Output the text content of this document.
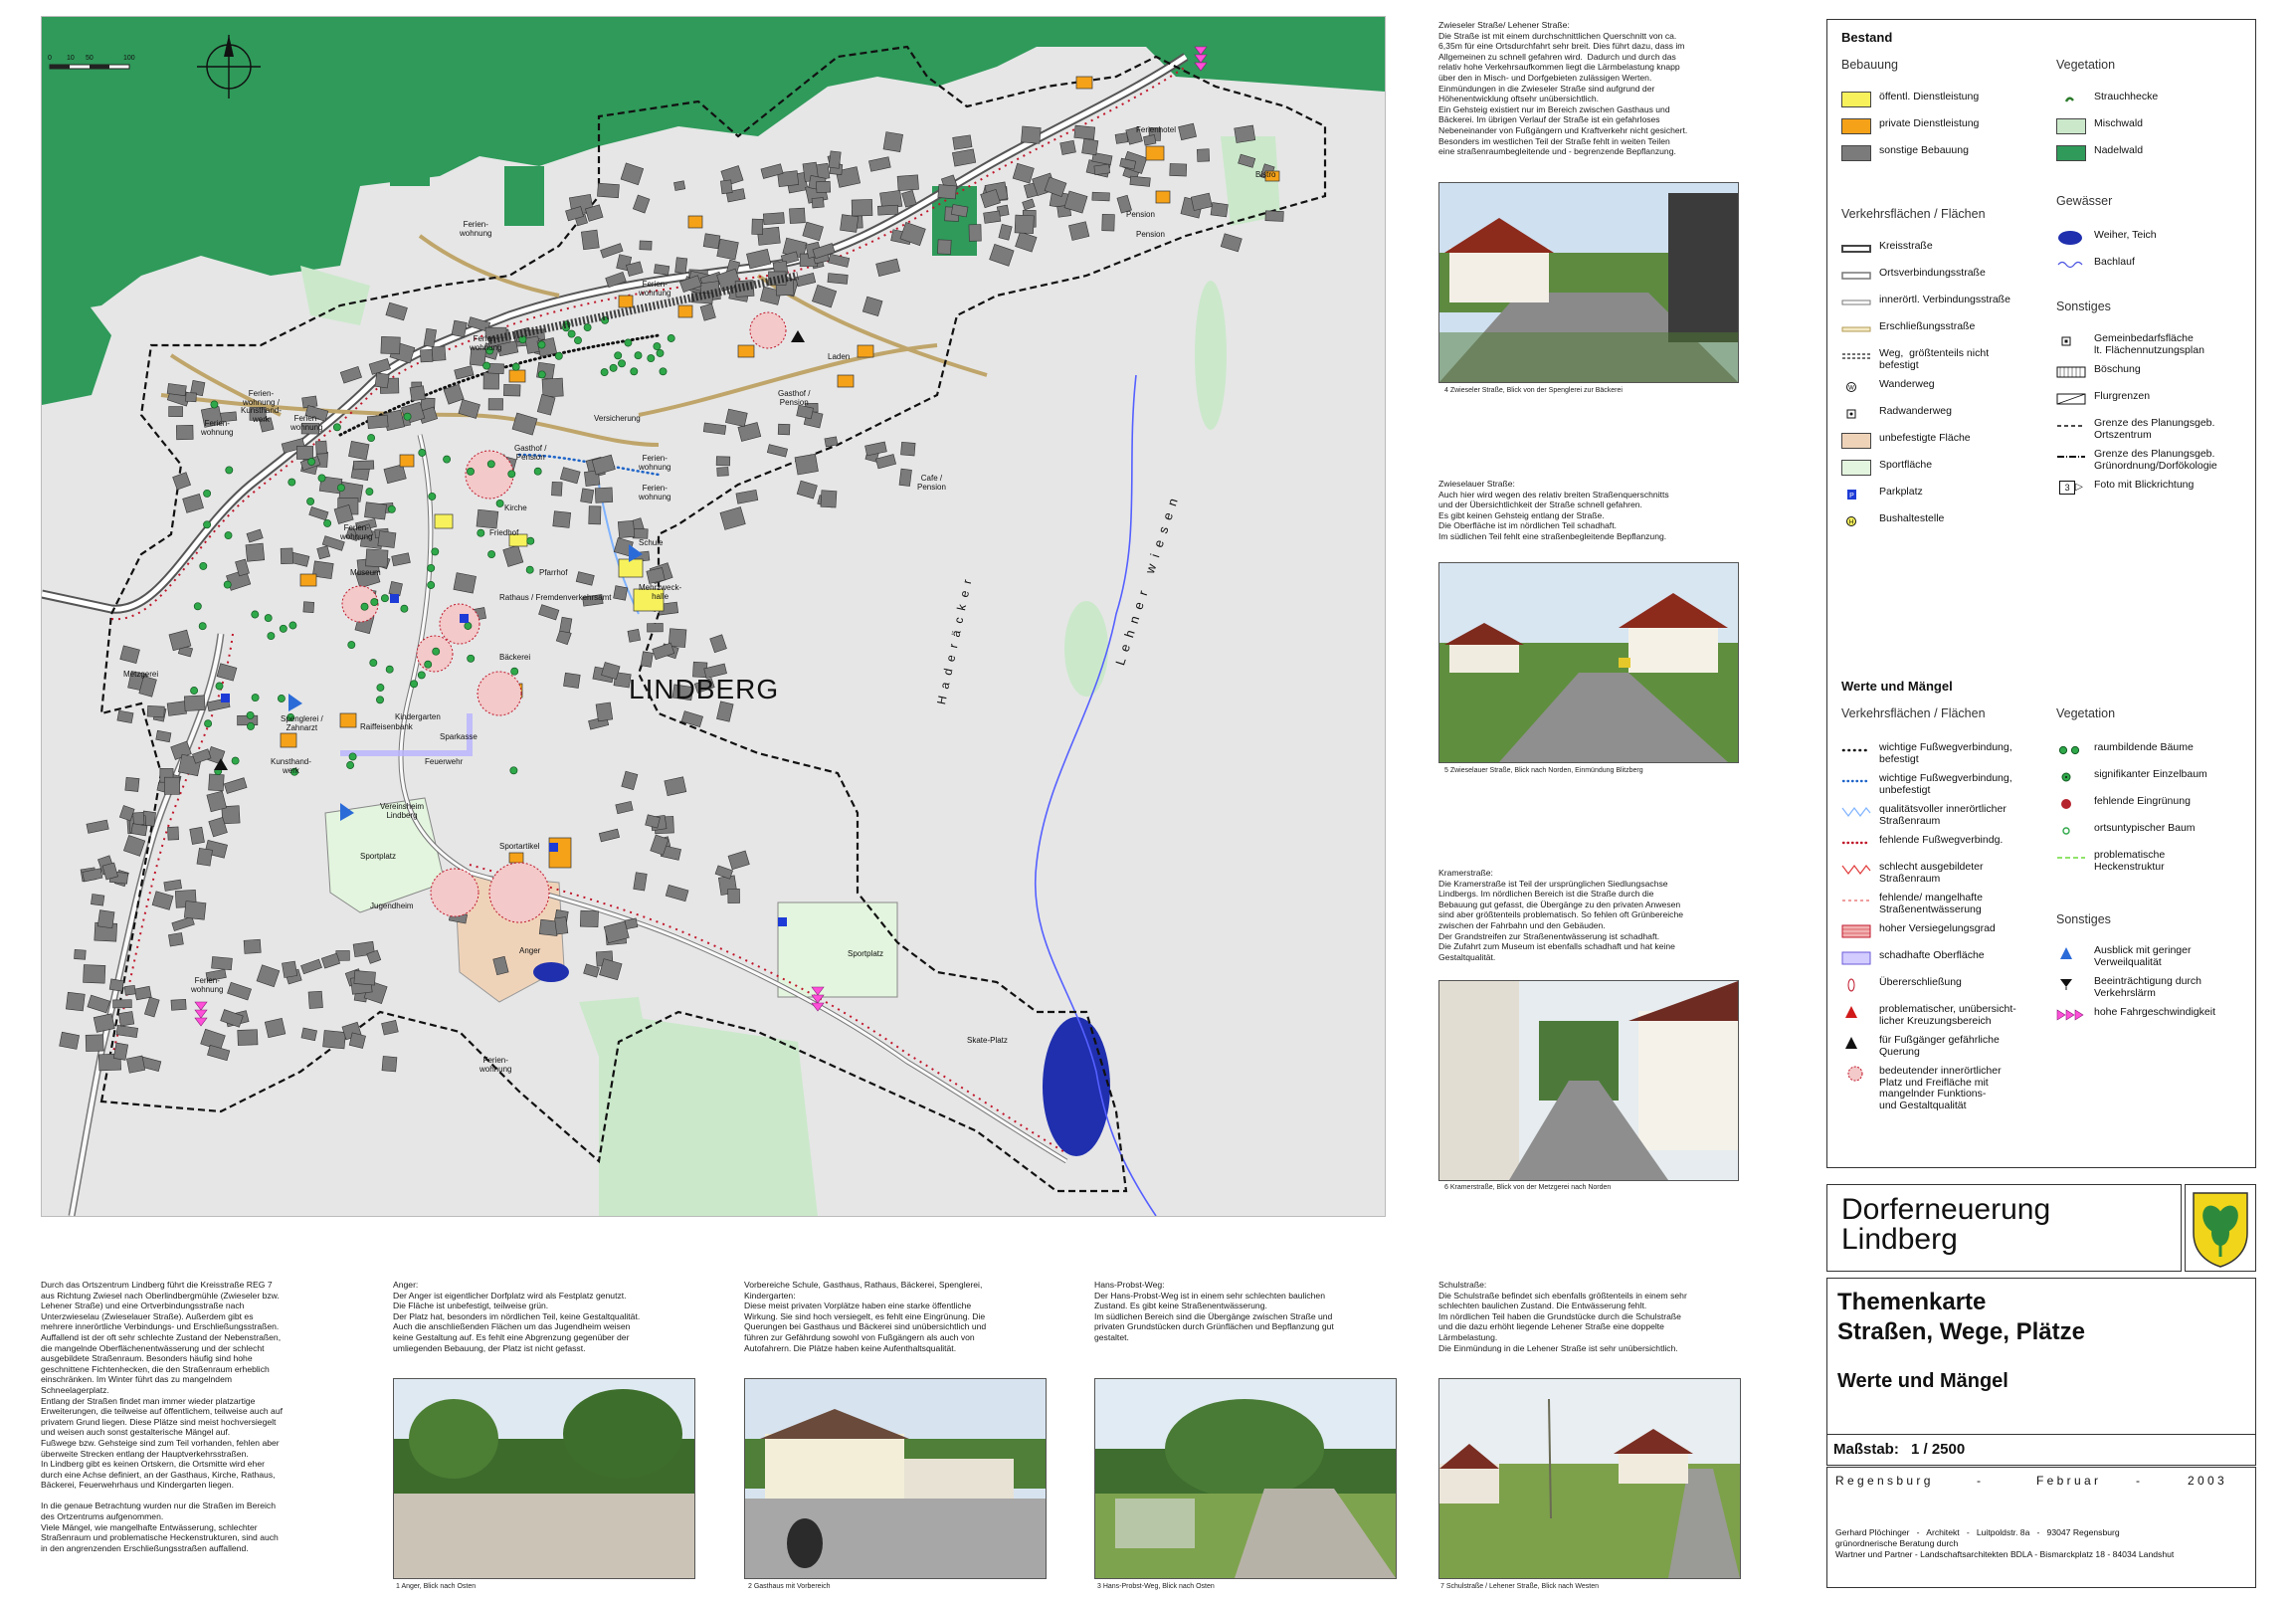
0 10 50	100
LINDBERG
Ferien-
wohnung
Ferien-
wohnung
Ferien-
wohnung
Ferien-
wohnung
Ferien-
wohnung
Ferien-
wohnung
Ferien-
wohnung
Ferien-
wohnung
Ferien-
wohnung
Ferien-
wohnung
Ferien-
wohnung /
Kunsthand-
werk
Ferienhotel
Bistro
Pension
Pension
Laden
Gasthof /
Pension
Cafe /
Pension
Gasthof /
Pension
Versicherung
Kirche
Friedhof
Pfarrhof
Rathaus / Fremdenverkehrsamt
Schule
Mehrzweck-
halle
Museum
Bäckerei
Metzgerei
Spenglerei /
Zahnarzt
Kindergarten
Sparkasse
Raiffeisenbank
Feuerwehr
Kunsthand-
werk
Vereinsheim
Lindberg
Sportplatz
Sportplatz
Jugendheim
Sportartikel
Anger
Skate-Platz
L e h n e r   w i e s e n
H a d e r ä c k e r
Zwieseler Straße/ Lehener Straße:
Die Straße ist mit einem durchschnittlichen Querschnitt von ca.
6,35m für eine Ortsdurchfahrt sehr breit. Dies führt dazu, dass im
Allgemeinen zu schnell gefahren wird.  Dadurch und durch das
relativ hohe Verkehrsaufkommen liegt die Lärmbelastung knapp
über den in Misch- und Dorfgebieten zulässigen Werten.
Einmündungen in die Zwieseler Straße sind aufgrund der
Höhenentwicklung oftsehr unübersichtlich.
Ein Gehsteig existiert nur im Bereich zwischen Gasthaus und
Bäckerei. Im übrigen Verlauf der Straße ist ein gefahrloses
Nebeneinander von Fußgängern und Kraftverkehr nicht gesichert.
Besonders im westlichen Teil der Straße fehlt in weiten Teilen
eine straßenraumbegleitende und - begrenzende Bepflanzung.
4 Zwieseler Straße, Blick von der Spenglerei zur Bäckerei
Zwieselauer Straße:
Auch hier wird wegen des relativ breiten Straßenquerschnitts
und der Übersichtlichkeit der Straße schnell gefahren.
Es gibt keinen Gehsteig entlang der Straße.
Die Oberfläche ist im nördlichen Teil schadhaft.
Im südlichen Teil fehlt eine straßenbegleitende Bepflanzung.
5 Zwieselauer Straße, Blick nach Norden, Einmündung Blitzberg
Kramerstraße:
Die Kramerstraße ist Teil der ursprünglichen Siedlungsachse
Lindbergs. Im nördlichen Bereich ist die Straße durch die
Bebauung gut gefasst, die Übergänge zu den privaten Anwesen
sind aber größtenteils problematisch. So fehlen oft Grünbereiche
zwischen der Fahrbahn und den Gebäuden.
Der Grandstreifen zur Straßenentwässerung ist schadhaft.
Die Zufahrt zum Museum ist ebenfalls schadhaft und hat keine
Gestaltqualität.
6 Kramerstraße, Blick von der Metzgerei nach Norden
Durch das Ortszentrum Lindberg führt die Kreisstraße REG 7
aus Richtung Zwiesel nach Oberlindbergmühle (Zwieseler bzw.
Lehener Straße) und eine Ortverbindungsstraße nach
Unterzwieselau (Zwieselauer Straße). Außerdem gibt es
mehrere innerörtliche Verbindungs- und Erschließungsstraßen.
Auffallend ist der oft sehr schlechte Zustand der Nebenstraßen,
die mangelnde Oberflächenentwässerung und der schlecht
ausgebildete Straßenraum. Besonders häufig sind hohe
geschnittene Fichtenhecken, die den Straßenraum erheblich
einschränken. Im Winter führt das zu mangelndem
Schneelagerplatz.
Entlang der Straßen findet man immer wieder platzartige
Erweiterungen, die teilweise auf öffentlichem, teilweise auch auf
privatem Grund liegen. Diese Plätze sind meist hochversiegelt
und weisen auch sonst gestalterische Mängel auf.
Fußwege bzw. Gehsteige sind zum Teil vorhanden, fehlen aber
überweite Strecken entlang der Hauptverkehrsstraßen.
In Lindberg gibt es keinen Ortskern, die Ortsmitte wird eher
durch eine Achse definiert, an der Gasthaus, Kirche, Rathaus,
Bäckerei, Feuerwehrhaus und Kindergarten liegen.

In die genaue Betrachtung wurden nur die Straßen im Bereich
des Ortzentrums aufgenommen.
Viele Mängel, wie mangelhafte Entwässerung, schlechter
Straßenraum und problematische Heckenstrukturen, sind auch
in den angrenzenden Erschließungsstraßen auffallend.
Anger:
Der Anger ist eigentlicher Dorfplatz wird als Festplatz genutzt.
Die Fläche ist unbefestigt, teilweise grün.
Der Platz hat, besonders im nördlichen Teil, keine Gestaltqualität.
Auch die anschließenden Flächen um das Jugendheim weisen
keine Gestaltung auf. Es fehlt eine Abgrenzung gegenüber der
umliegenden Bebauung, der Platz ist nicht gefasst.
1 Anger, Blick nach Osten
Vorbereiche Schule, Gasthaus, Rathaus, Bäckerei, Spenglerei,
Kindergarten:
Diese meist privaten Vorplätze haben eine starke öffentliche
Wirkung. Sie sind hoch versiegelt, es fehlt eine Eingrünung. Die
Querungen bei Gasthaus und Bäckerei sind unübersichtlich und
führen zur Gefährdung sowohl von Fußgängern als auch von
Autofahrern. Die Plätze haben keine Aufenthaltsqualität.
2 Gasthaus mit Vorbereich
Hans-Probst-Weg:
Der Hans-Probst-Weg ist in einem sehr schlechten baulichen
Zustand. Es gibt keine Straßenentwässerung.
Im südlichen Bereich sind die Übergänge zwischen Straße und
privaten Grundstücken durch Grünflächen und Bepflanzung gut
gestaltet.
3 Hans-Probst-Weg, Blick nach Osten
Schulstraße:
Die Schulstraße befindet sich ebenfalls größtenteils in einem sehr
schlechten baulichen Zustand. Die Entwässerung fehlt.
Im nördlichen Teil haben die Grundstücke durch die Schulstraße
und die dazu erhöht liegende Lehener Straße eine doppelte
Lärmbelastung.
Die Einmündung in die Lehener Straße ist sehr unübersichtlich.
7 Schulstraße / Lehener Straße, Blick nach Westen
Bestand
Bebauung	Vegetation
öffentl. Dienstleistung
private Dienstleistung
sonstige Bebauung
Strauchhecke
Mischwald
Nadelwald
Verkehrsflächen / Flächen
Gewässer
Sonstiges
Kreisstraße
Ortsverbindungsstraße
innerörtl. Verbindungsstraße
Erschließungsstraße
Weg,  größtenteils nicht
befestigt
W Wanderweg
Radwanderweg
unbefestigte Fläche
Sportfläche
P Parkplatz
H Bushaltestelle
Weiher, Teich
Bachlauf
Gemeinbedarfsfläche
lt. Flächennutzungsplan
Böschung
Flurgrenzen
Grenze des Planungsgeb.
Ortszentrum
Grenze des Planungsgeb.
Grünordnung/Dorfökologie
3 ▷ Foto mit Blickrichtung
Werte und Mängel
Verkehrsflächen / Flächen	Vegetation
Sonstiges
wichtige Fußwegverbindung,
befestigt
wichtige Fußwegverbindung,
unbefestigt
qualitätsvoller innerörtlicher
Straßenraum
fehlende Fußwegverbindg.
schlecht ausgebildeter
Straßenraum
fehlende/ mangelhafte
Straßenentwässerung
hoher Versiegelungsgrad
schadhafte Oberfläche
Übererschließung
problematischer, unübersicht-
licher Kreuzungsbereich
für Fußgänger gefährliche
Querung
bedeutender innerörtlicher
Platz und Freifläche mit
mangelnder Funktions-
und Gestaltqualität
raumbildende Bäume
signifikanter Einzelbaum
fehlende Eingrünung
ortsuntypischer Baum
problematische
Heckenstruktur
Ausblick mit geringer
Verweilqualität
Beeinträchtigung durch
Verkehrslärm
hohe Fahrgeschwindigkeit
Dorferneuerung
Lindberg
Themenkarte
Straßen, Wege, Plätze
Werte und Mängel
Maßstab: 1 / 2500
R e g e n s b u r g	-	F e b r u a r	-	2 0 0 3
Gerhard Plöchinger   -   Architekt   -   Luitpoldstr. 8a   -   93047 Regensburg
grünordnerische Beratung durch
Wartner und Partner - Landschaftsarchitekten BDLA - Bismarckplatz 18 - 84034 Landshut
